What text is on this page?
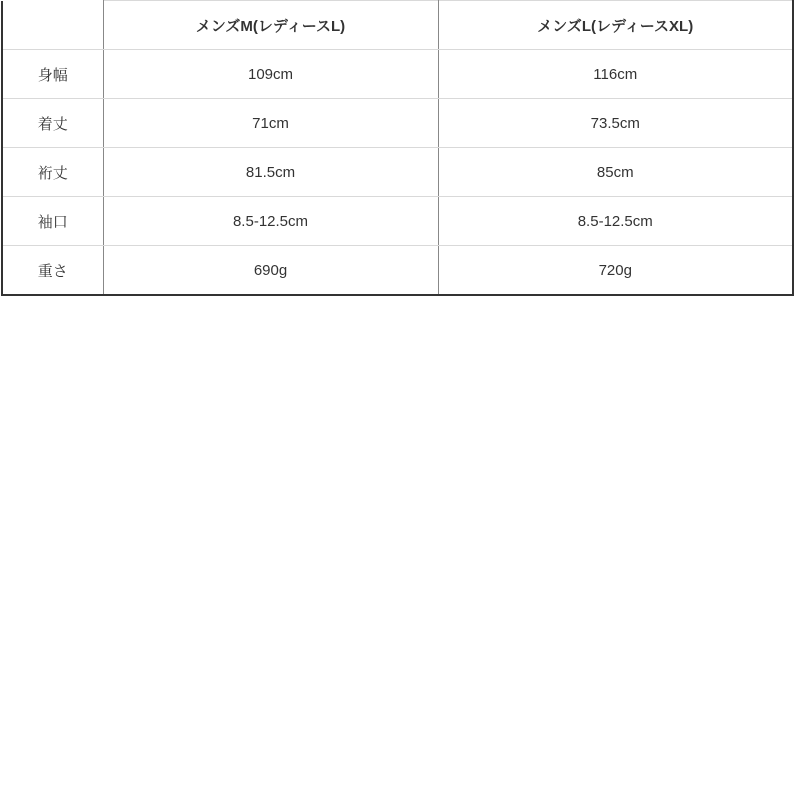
	メンズM(レディースL)	メンズL(レディースXL)
身幅	109cm	116cm
着丈	71cm	73.5cm
裄丈	81.5cm	85cm
袖口	8.5-12.5cm	8.5-12.5cm
重さ	690g	720g
